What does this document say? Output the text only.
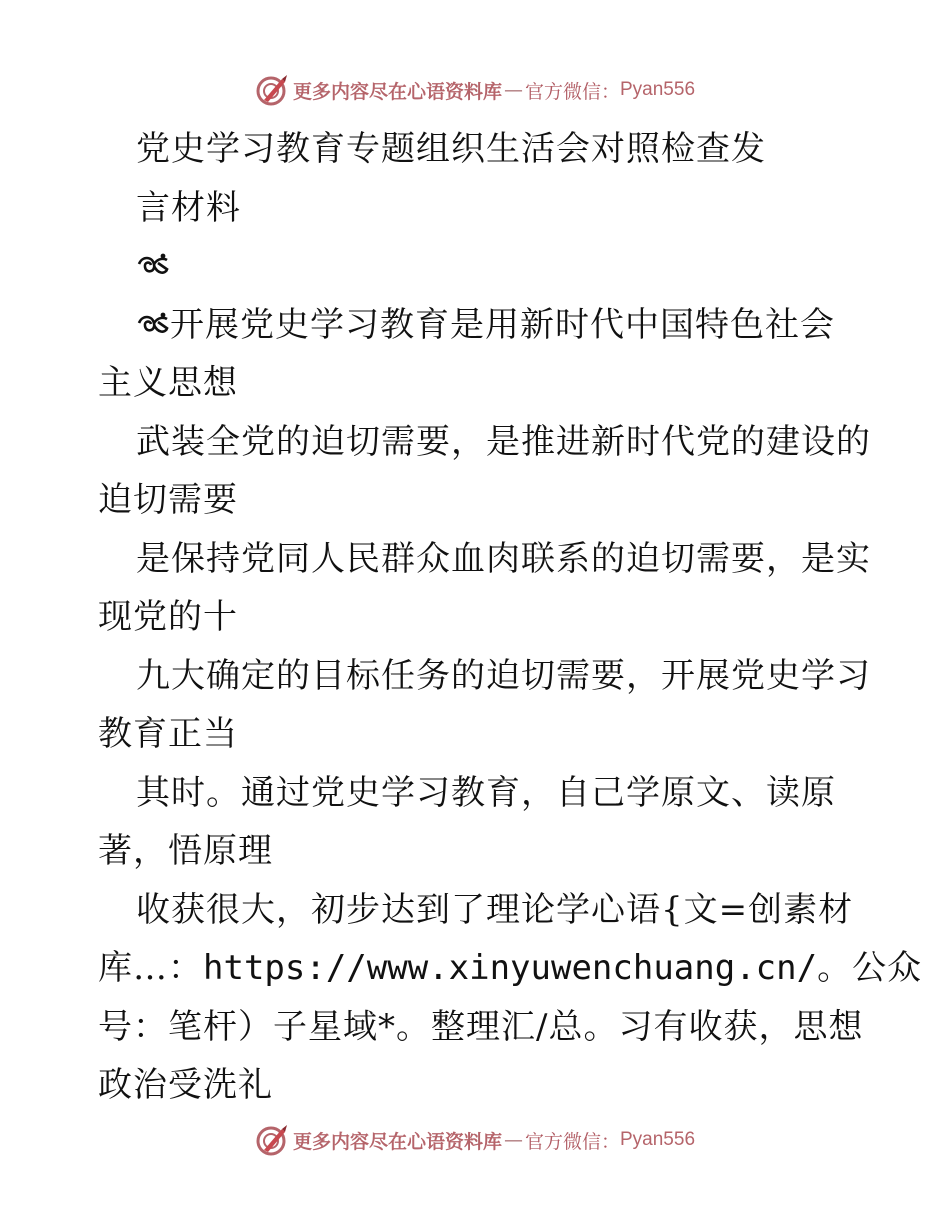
更多内容尽在心语资料库 — 官方微信： Pyan556
党史学习教育专题组织生活会对照检查发
言材料
开展党史学习教育是用新时代中国特色社会
主义思想
武装全党的迫切需要，是推进新时代党的建设的
迫切需要
是保持党同人民群众血肉联系的迫切需要，是实
现党的十
九大确定的目标任务的迫切需要，开展党史学习
教育正当
其时。通过党史学习教育，自己学原文、读原
著，悟原理
收获很大，初步达到了理论学心语{文=创素材
库…：https://www.xinyuwenchuang.cn/。公众
号：笔杆）子星域*。整理汇/总。习有收获，思想
政治受洗礼
更多内容尽在心语资料库 — 官方微信： Pyan556
